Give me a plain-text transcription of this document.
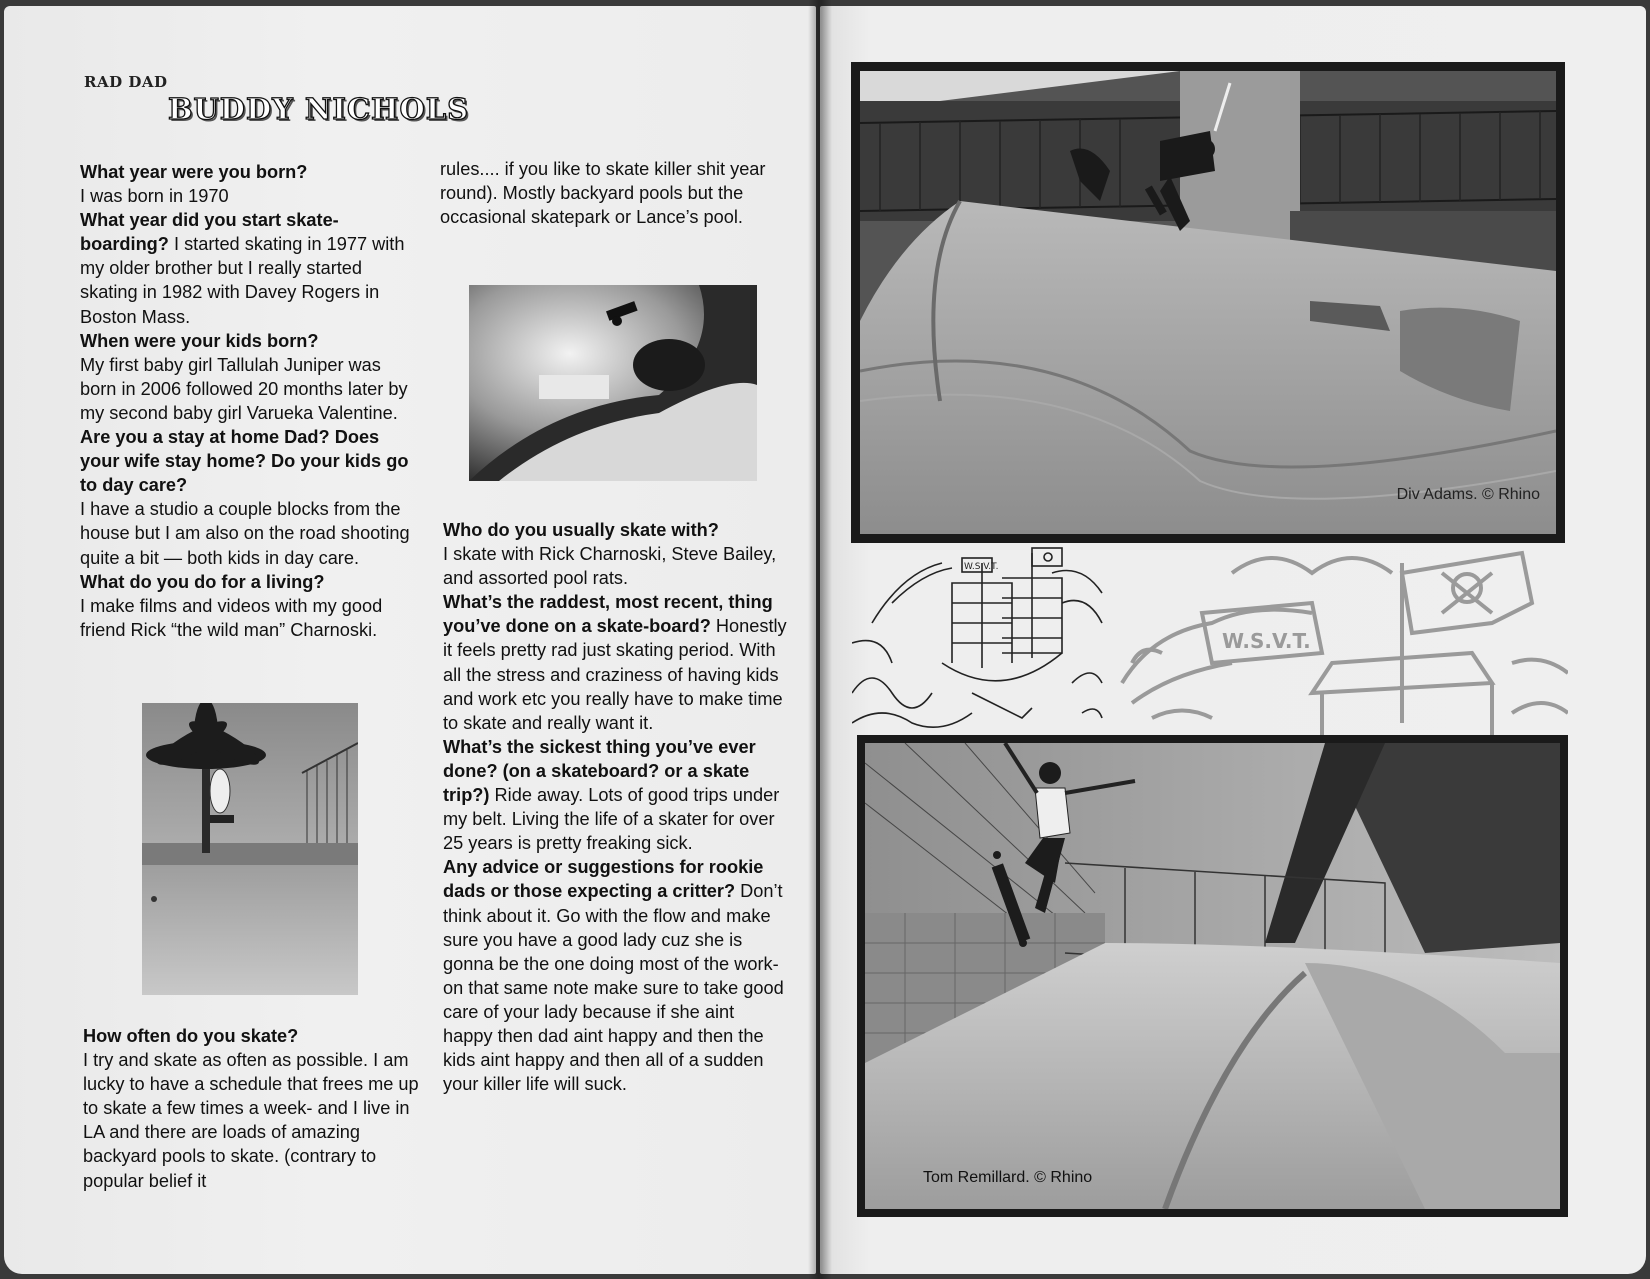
RAD DAD
BUDDY NICHOLS

What year were you born?
I was born in 1970

What year did you start skate-boarding? I started skating in 1977 with my older brother but I really started skating in 1982 with Davey Rogers in Boston Mass.

When were your kids born?
My first baby girl Tallulah Juniper was born in 2006 followed 20 months later by my second baby girl Varueka Valentine.

Are you a stay at home Dad? Does your wife stay home? Do your kids go to day care?
I have a studio a couple blocks from the house but I am also on the road shooting quite a bit — both kids in day care.

What do you do for a living?
I make films and videos with my good friend Rick “the wild man” Charnoski.

How often do you skate?
I try and skate as often as possible. I am lucky to have a schedule that frees me up to skate a few times a week- and I live in LA and there are loads of amazing backyard pools to skate. (contrary to popular belief it

rules.... if you like to skate killer shit year round). Mostly backyard pools but the occasional skatepark or Lance’s pool.

Who do you usually skate with?
I skate with Rick Charnoski, Steve Bailey, and assorted pool rats.

What’s the raddest, most recent, thing you’ve done on a skate-board? Honestly it feels pretty rad just skating period. With all the stress and craziness of having kids and work etc you really have to make time to skate and really want it.

What’s the sickest thing you’ve ever done? (on a skateboard? or a skate trip?) Ride away. Lots of good trips under my belt. Living the life of a skater for over 25 years is pretty freaking sick.

Any advice or suggestions for rookie dads or those expecting a critter? Don’t think about it. Go with the flow and make sure you have a good lady cuz she is gonna be the one doing most of the work- on that same note make sure to take good care of your lady because if she aint happy then dad aint happy and then the kids aint happy and then all of a sudden your killer life will suck.

Div Adams. © Rhino
W.S.V.T.
W.S.V.T.
Tom Remillard. © Rhino
